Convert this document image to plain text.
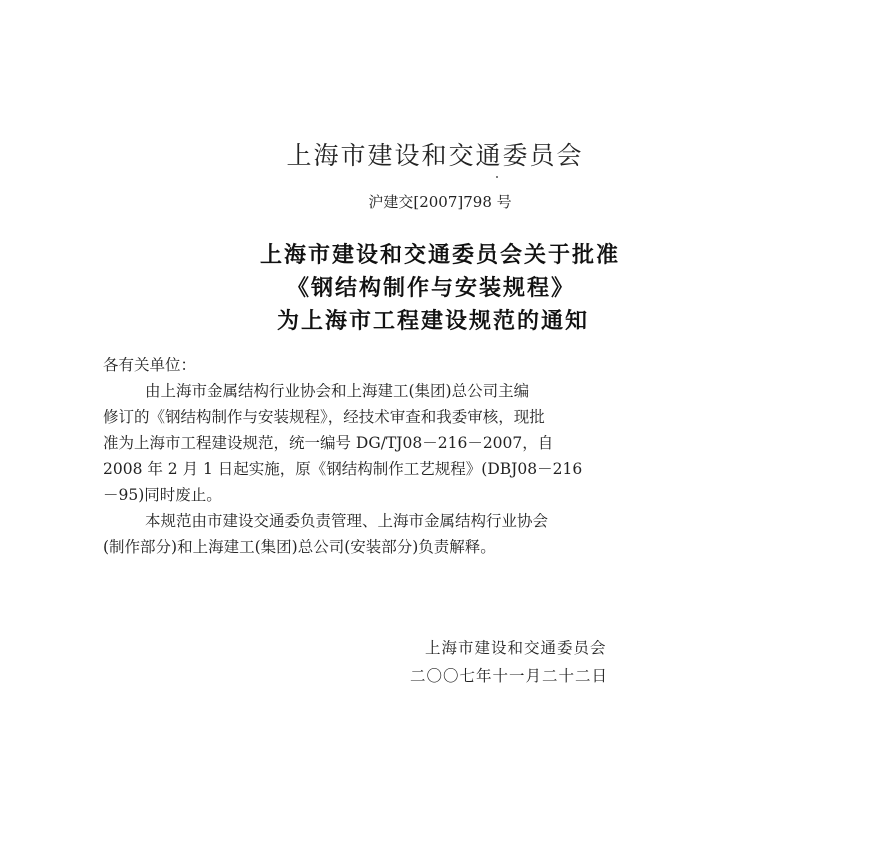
上海市建设和交通委员会
沪建交[2007]798 号
上海市建设和交通委员会关于批准
《钢结构制作与安装规程》
为上海市工程建设规范的通知
各有关单位：
由上海市金属结构行业协会和上海建工(集团)总公司主编
修订的《钢结构制作与安装规程》，经技术审查和我委审核，现批
准为上海市工程建设规范，统一编号 DG/TJ08－216－2007，自
2008 年 2 月 1 日起实施，原《钢结构制作工艺规程》(DBJ08－216
－95)同时废止。
本规范由市建设交通委负责管理、上海市金属结构行业协会
(制作部分)和上海建工(集团)总公司(安装部分)负责解释。
上海市建设和交通委员会
二〇〇七年十一月二十二日
